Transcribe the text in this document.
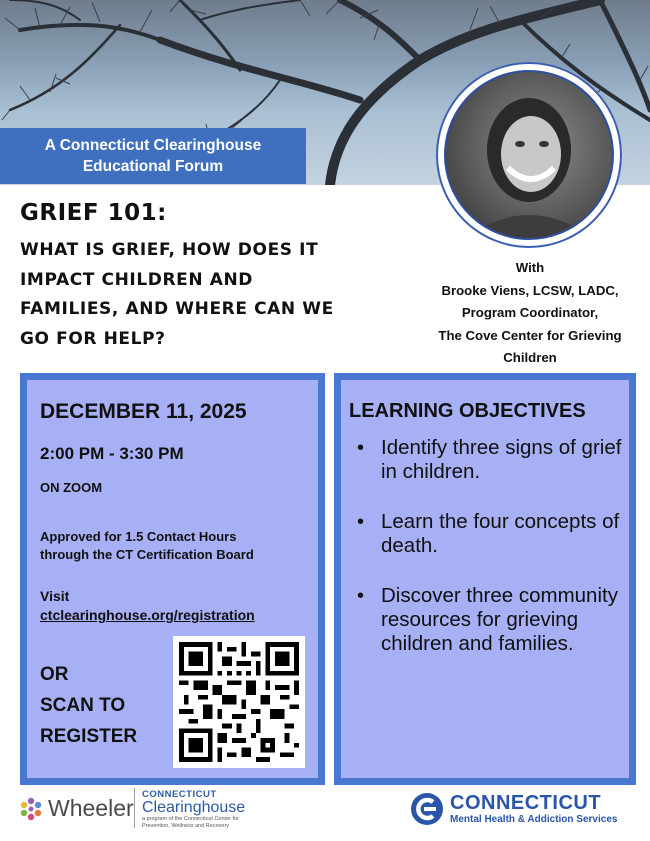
A Connecticut Clearinghouse
Educational Forum
GRIEF 101:
WHAT IS GRIEF, HOW DOES IT
IMPACT CHILDREN AND
FAMILIES, AND WHERE CAN WE
GO FOR HELP?
With
Brooke Viens, LCSW, LADC,
Program Coordinator,
The Cove Center for Grieving
Children
DECEMBER 11, 2025
2:00 PM - 3:30 PM
ON ZOOM
Approved for 1.5 Contact Hours
through the CT Certification Board
Visit
ctclearinghouse.org/registration
OR
SCAN TO
REGISTER
LEARNING OBJECTIVES
• Identify three signs of grief in children.
• Learn the four concepts of death.
• Discover three community resources for grieving children and families.
Wheeler
CONNECTICUT
Clearinghouse
a program of the Connecticut Center for Prevention, Wellness and Recovery
CONNECTICUT
Mental Health & Addiction Services
